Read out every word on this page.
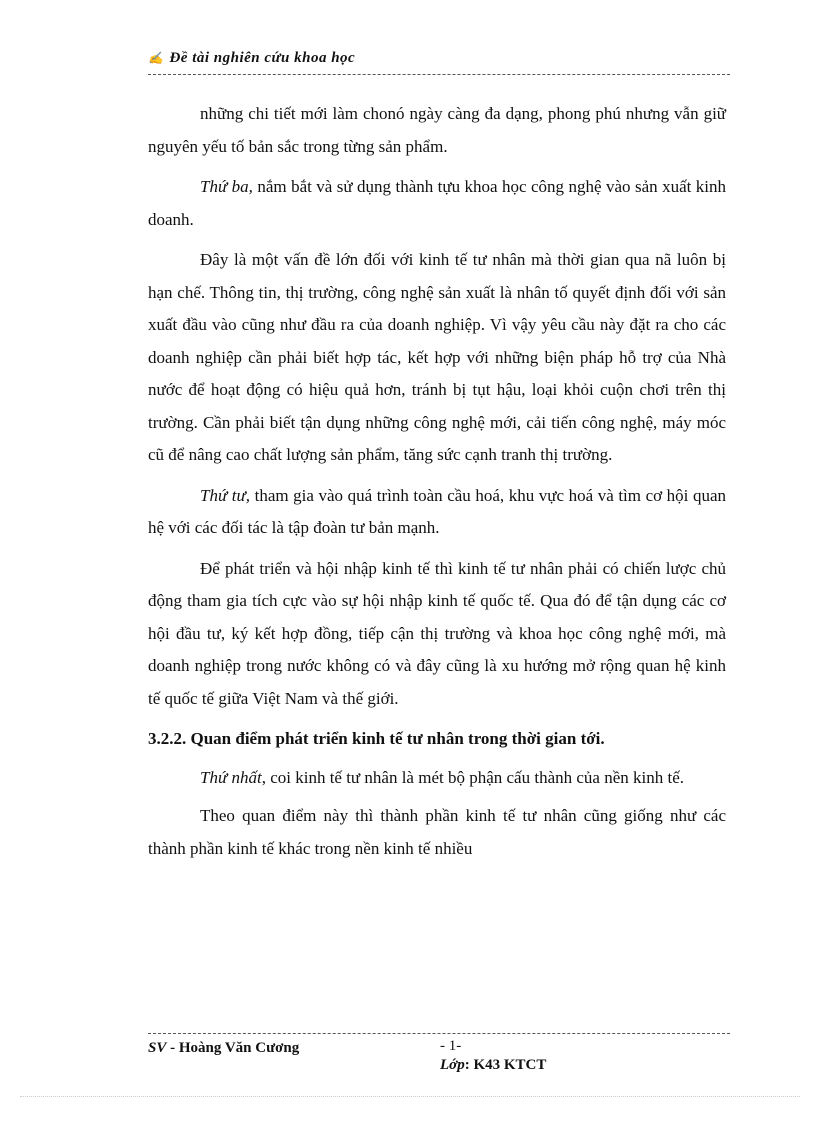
✍ Đề tài nghiên cứu khoa học

những chi tiết mới làm chonó ngày càng đa dạng, phong phú nhưng vẫn giữ nguyên yếu tố bản sắc trong từng sản phẩm.

Thứ ba, nắm bắt và sử dụng thành tựu khoa học công nghệ vào sản xuất kinh doanh.

Đây là một vấn đề lớn đối với kinh tế tư nhân mà thời gian qua nã luôn bị hạn chế. Thông tin, thị trường, công nghệ sản xuất là nhân tố quyết định đối với sản xuất đầu vào cũng như đầu ra của doanh nghiệp. Vì vậy yêu cầu này đặt ra cho các doanh nghiệp cần phải biết hợp tác, kết hợp với những biện pháp hỗ trợ của Nhà nước để hoạt động có hiệu quả hơn, tránh bị tụt hậu, loại khỏi cuộn chơi trên thị trường. Cần phải biết tận dụng những công nghệ mới, cải tiến công nghệ, máy móc cũ để nâng cao chất lượng sản phẩm, tăng sức cạnh tranh thị trường.

Thứ tư, tham gia vào quá trình toàn cầu hoá, khu vực hoá và tìm cơ hội quan hệ với các đối tác là tập đoàn tư bản mạnh.

Để phát triển và hội nhập kinh tế thì kinh tế tư nhân phải có chiến lược chủ động tham gia tích cực vào sự hội nhập kinh tế quốc tế. Qua đó để tận dụng các cơ hội đầu tư, ký kết hợp đồng, tiếp cận thị trường và khoa học công nghệ mới, mà doanh nghiệp trong nước không có và đây cũng là xu hướng mở rộng quan hệ kinh tế quốc tế giữa Việt Nam và thế giới.

3.2.2. Quan điểm phát triển kinh tế tư nhân trong thời gian tới.

Thứ nhất, coi kinh tế tư nhân là mét bộ phận cấu thành của nền kinh tế.

Theo quan điểm này thì thành phần kinh tế tư nhân cũng giống như các thành phần kinh tế khác trong nền kinh tế nhiều

SV - Hoàng Văn Cương	- 1-
Lớp: K43 KTCT
